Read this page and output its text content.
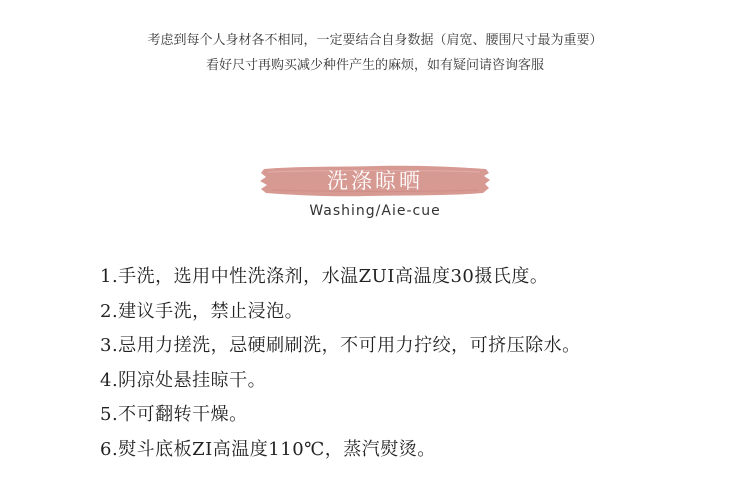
考虑到每个人身材各不相同，一定要结合自身数据（肩宽、腰围尺寸最为重要）
看好尺寸再购买减少种件产生的麻烦，如有疑问请咨询客服
洗涤晾晒
Washing/Aie-cue
1.手洗，选用中性洗涤剂，水温ZUI高温度30摄氏度。
2.建议手洗，禁止浸泡。
3.忌用力搓洗，忌硬刷刷洗，不可用力拧绞，可挤压除水。
4.阴凉处悬挂晾干。
5.不可翻转干燥。
6.熨斗底板ZI高温度110℃，蒸汽熨烫。
